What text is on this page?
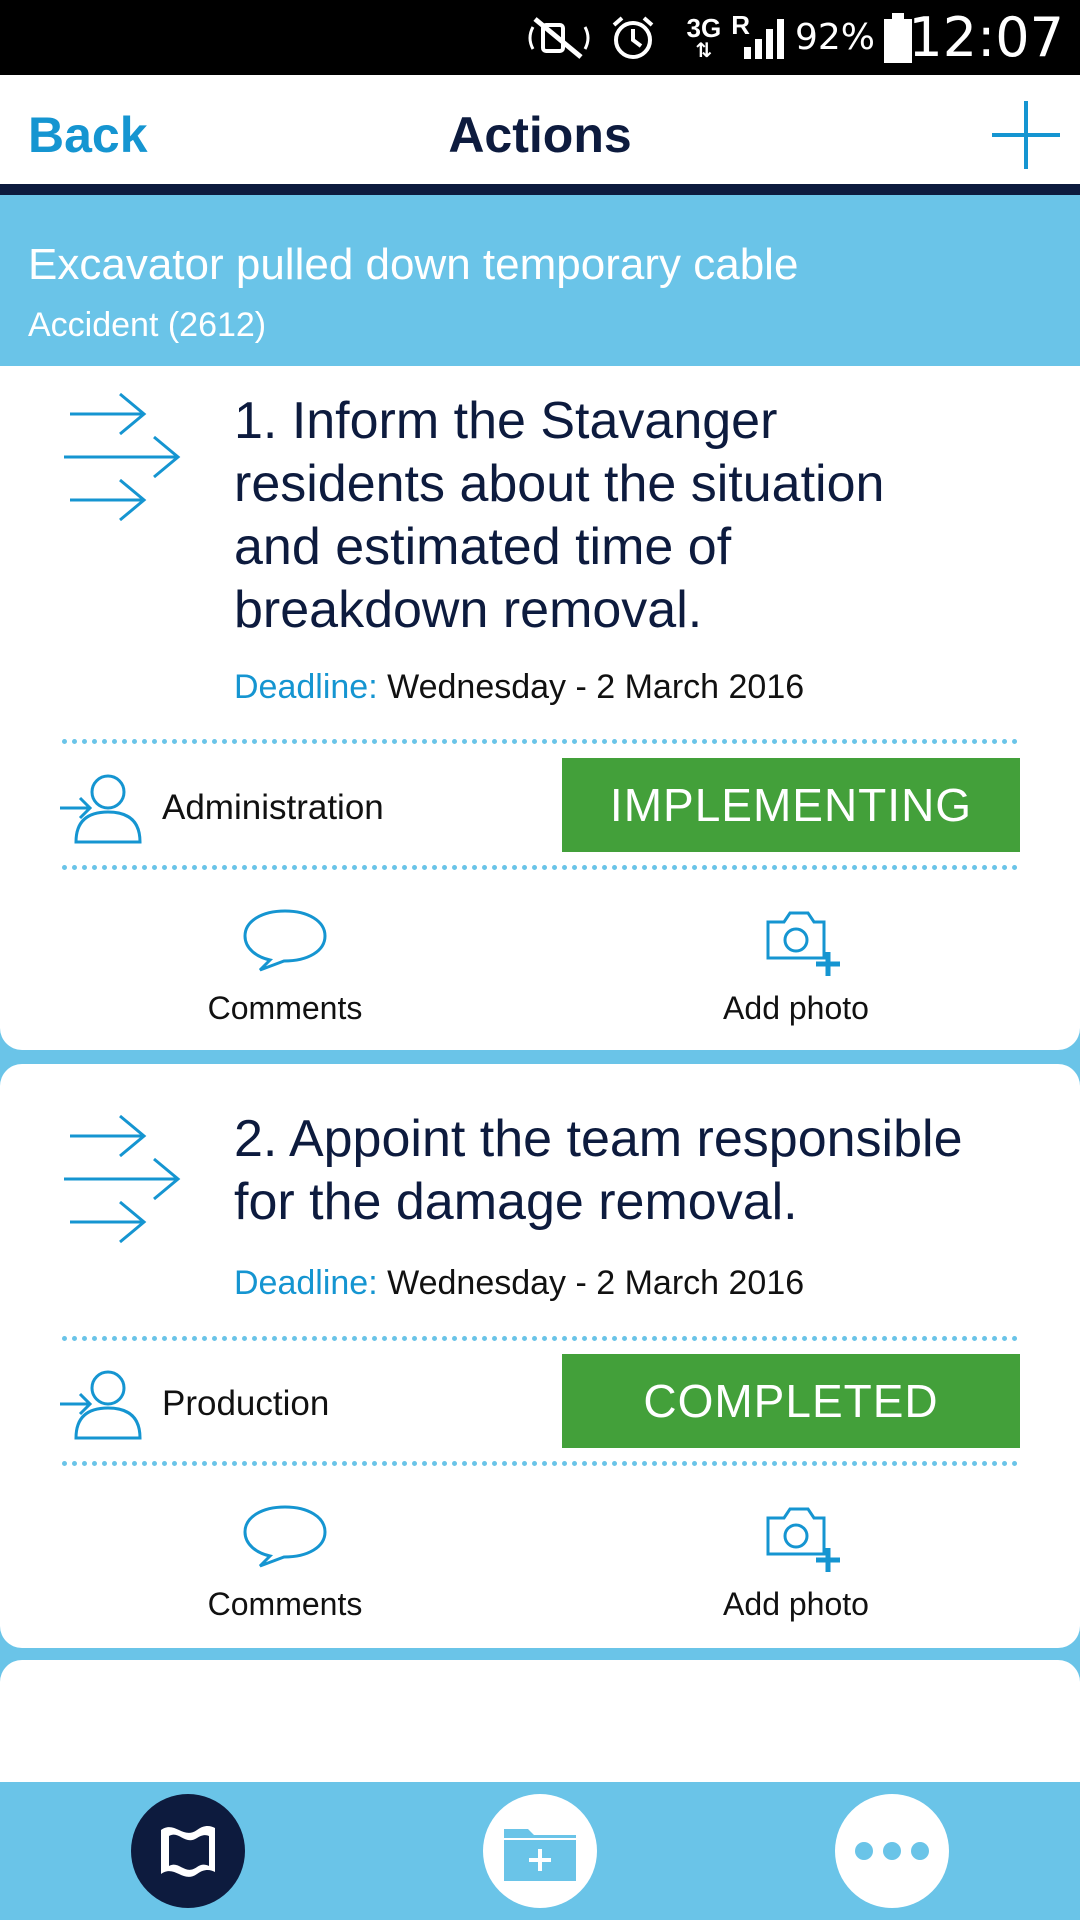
3G
⇅
R 92% 12:07
Back	Actions
Excavator pulled down temporary cable
Accident (2612)
1. Inform the Stavanger
residents about the situation
and estimated time of
breakdown removal.
Deadline: Wednesday - 2 March 2016
Administration	IMPLEMENTING
Comments	Add photo
2. Appoint the team responsible
for the damage removal.
Deadline: Wednesday - 2 March 2016
Production	COMPLETED
Comments	Add photo
